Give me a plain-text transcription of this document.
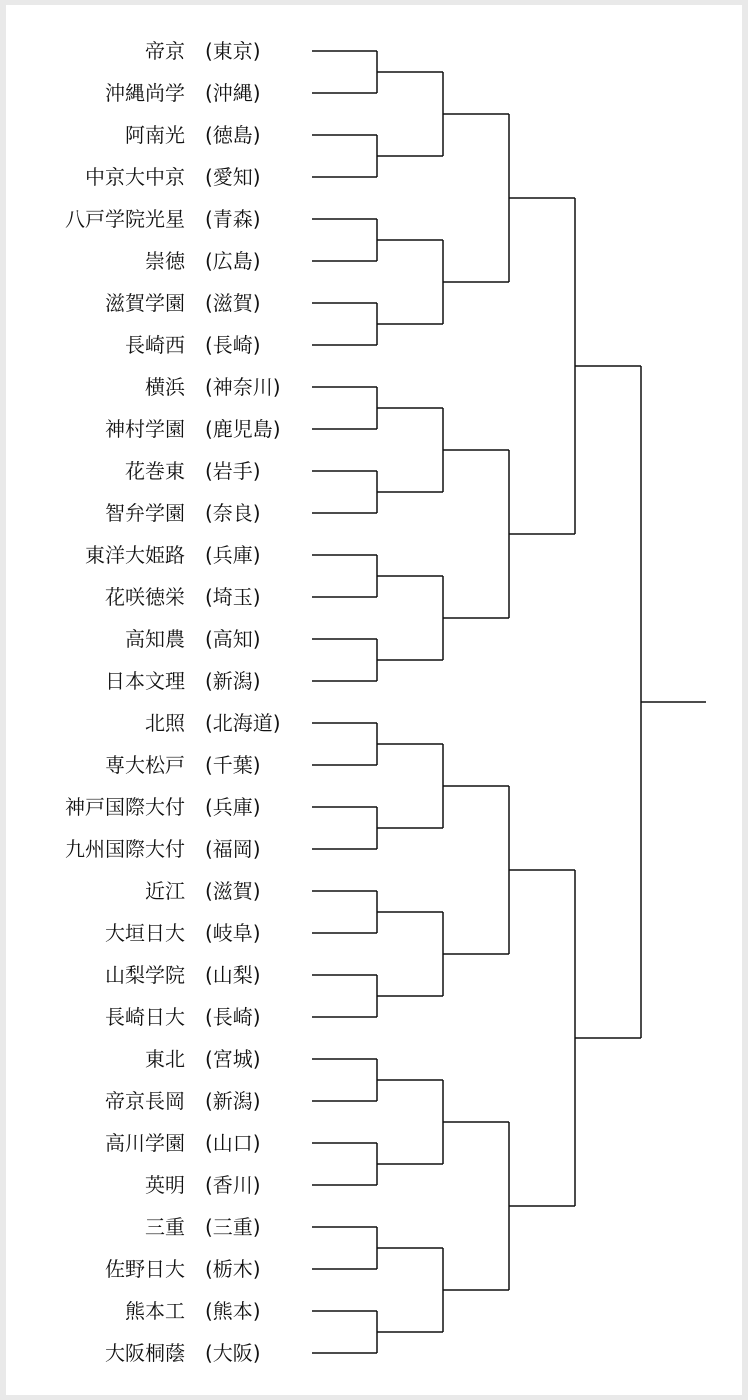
帝京 (東京)
沖縄尚学 (沖縄)
阿南光 (徳島)
中京大中京 (愛知)
八戸学院光星 (青森)
崇徳 (広島)
滋賀学園 (滋賀)
長崎西 (長崎)
横浜 (神奈川)
神村学園 (鹿児島)
花巻東 (岩手)
智弁学園 (奈良)
東洋大姫路 (兵庫)
花咲徳栄 (埼玉)
高知農 (高知)
日本文理 (新潟)
北照 (北海道)
専大松戸 (千葉)
神戸国際大付 (兵庫)
九州国際大付 (福岡)
近江 (滋賀)
大垣日大 (岐阜)
山梨学院 (山梨)
長崎日大 (長崎)
東北 (宮城)
帝京長岡 (新潟)
高川学園 (山口)
英明 (香川)
三重 (三重)
佐野日大 (栃木)
熊本工 (熊本)
大阪桐蔭 (大阪)
